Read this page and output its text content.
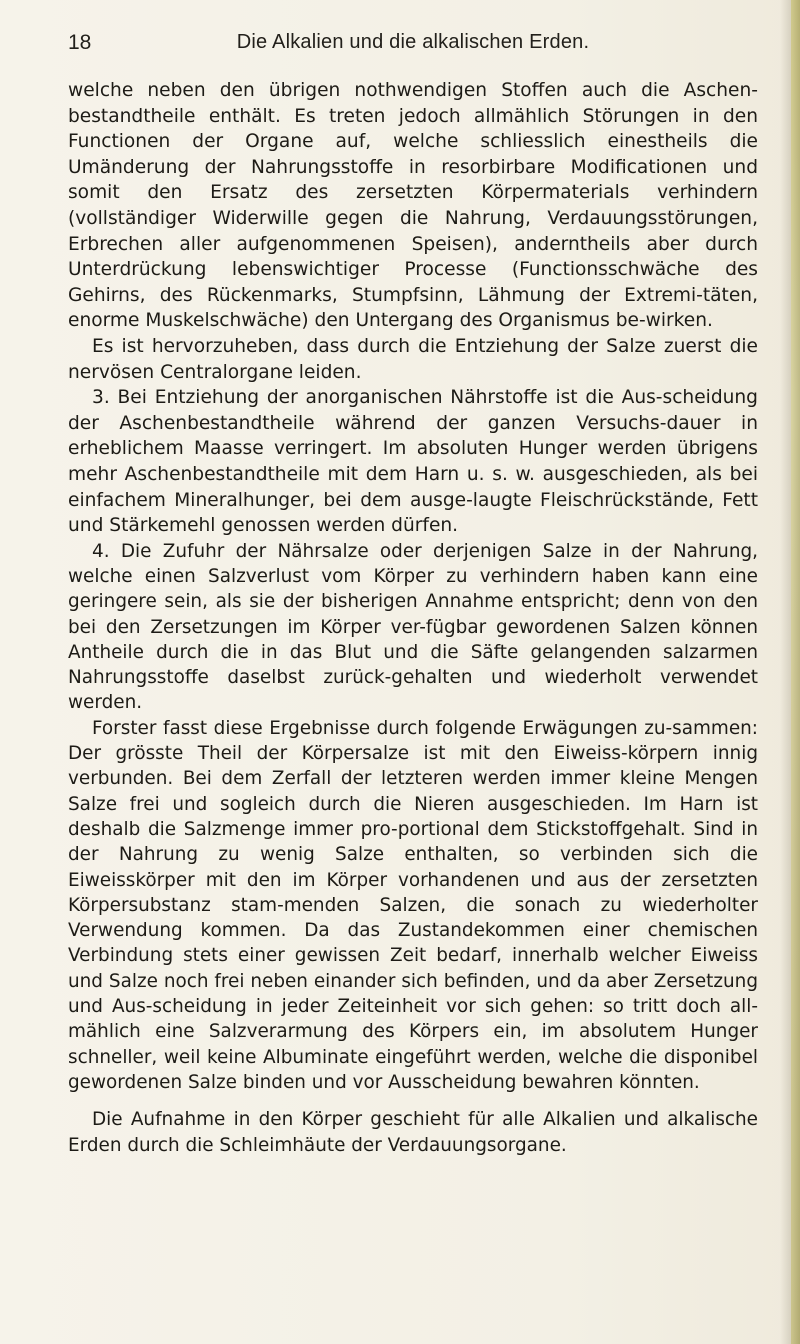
18	Die Alkalien und die alkalischen Erden.

welche neben den übrigen nothwendigen Stoffen auch die Aschen-bestandtheile enthält. Es treten jedoch allmählich Störungen in den Functionen der Organe auf, welche schliesslich einestheils die Umänderung der Nahrungsstoffe in resorbirbare Modificationen und somit den Ersatz des zersetzten Körpermaterials verhindern (vollständiger Widerwille gegen die Nahrung, Verdauungsstörungen, Erbrechen aller aufgenommenen Speisen), anderntheils aber durch Unterdrückung lebenswichtiger Processe (Functionsschwäche des Gehirns, des Rückenmarks, Stumpfsinn, Lähmung der Extremi-täten, enorme Muskelschwäche) den Untergang des Organismus be-wirken.

Es ist hervorzuheben, dass durch die Entziehung der Salze zuerst die nervösen Centralorgane leiden.

3. Bei Entziehung der anorganischen Nährstoffe ist die Aus-scheidung der Aschenbestandtheile während der ganzen Versuchs-dauer in erheblichem Maasse verringert. Im absoluten Hunger werden übrigens mehr Aschenbestandtheile mit dem Harn u. s. w. ausgeschieden, als bei einfachem Mineralhunger, bei dem ausge-laugte Fleischrückstände, Fett und Stärkemehl genossen werden dürfen.

4. Die Zufuhr der Nährsalze oder derjenigen Salze in der Nahrung, welche einen Salzverlust vom Körper zu verhindern haben kann eine geringere sein, als sie der bisherigen Annahme entspricht; denn von den bei den Zersetzungen im Körper ver-fügbar gewordenen Salzen können Antheile durch die in das Blut und die Säfte gelangenden salzarmen Nahrungsstoffe daselbst zurück-gehalten und wiederholt verwendet werden.

Forster fasst diese Ergebnisse durch folgende Erwägungen zu-sammen: Der grösste Theil der Körpersalze ist mit den Eiweiss-körpern innig verbunden. Bei dem Zerfall der letzteren werden immer kleine Mengen Salze frei und sogleich durch die Nieren ausgeschieden. Im Harn ist deshalb die Salzmenge immer pro-portional dem Stickstoffgehalt. Sind in der Nahrung zu wenig Salze enthalten, so verbinden sich die Eiweisskörper mit den im Körper vorhandenen und aus der zersetzten Körpersubstanz stam-menden Salzen, die sonach zu wiederholter Verwendung kommen. Da das Zustandekommen einer chemischen Verbindung stets einer gewissen Zeit bedarf, innerhalb welcher Eiweiss und Salze noch frei neben einander sich befinden, und da aber Zersetzung und Aus-scheidung in jeder Zeiteinheit vor sich gehen: so tritt doch all-mählich eine Salzverarmung des Körpers ein, im absolutem Hunger schneller, weil keine Albuminate eingeführt werden, welche die disponibel gewordenen Salze binden und vor Ausscheidung bewahren könnten.

Die Aufnahme in den Körper geschieht für alle Alkalien und alkalische Erden durch die Schleimhäute der Verdauungsorgane.
